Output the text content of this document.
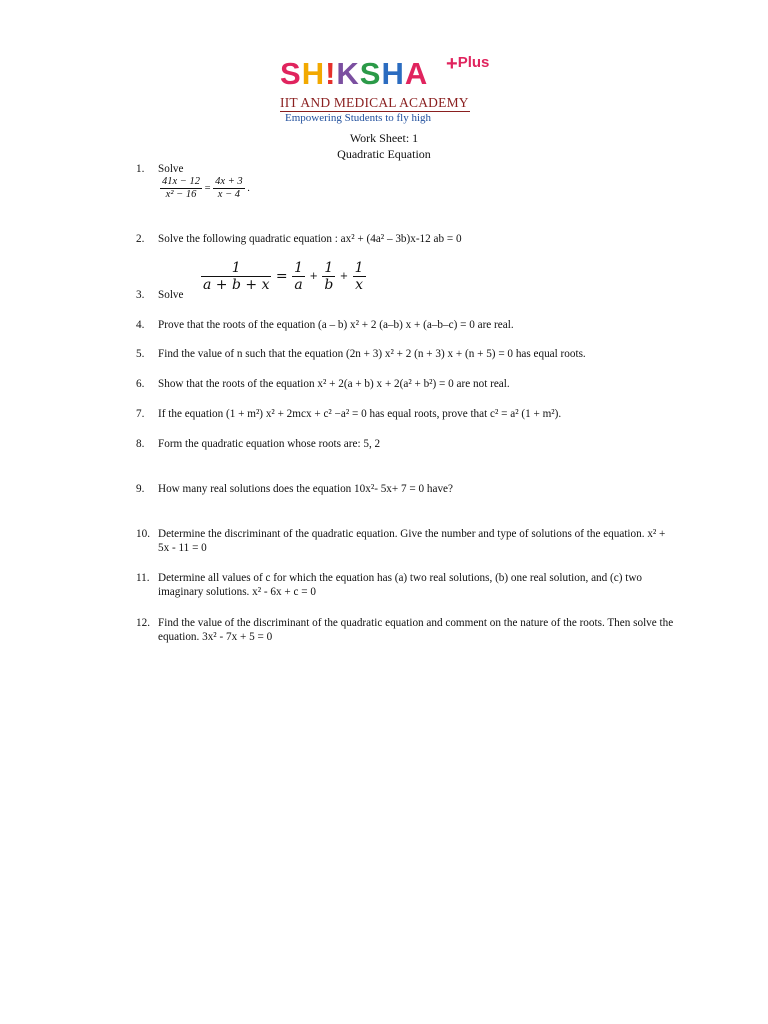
SH!KSHA +Plus
IIT AND MEDICAL ACADEMY
Empowering Students to fly high
Work Sheet: 1
Quadratic Equation
1. Solve
$\frac{41x - 12}{\text{x² − 16}} = \frac{4x + 3}{x - 4}$ .
2. Solve the following quadratic equation : ax² + (4a² – 3b)x-12 ab = 0
$\frac{1}{a + b + x} = \frac{1}{a} + \frac{1}{b} + \frac{1}{x}$
3. Solve
4. Prove that the roots of the equation (a – b) x² + 2 (a–b) x + (a–b–c) = 0 are real.
5. Find the value of n such that the equation (2n + 3) x² + 2 (n + 3) x + (n + 5) = 0 has equal roots.
6. Show that the roots of the equation x² + 2(a + b) x + 2(a² + b²) = 0 are not real.
7. If the equation (1 + m²) x² + 2mcx + c² −a² = 0 has equal roots, prove that c² = a² (1 + m²).
8. Form the quadratic equation whose roots are: 5, 2
9. How many real solutions does the equation 10x²- 5x+ 7 = 0 have?
10. Determine the discriminant of the quadratic equation. Give the number and type of solutions of the equation. x² + 5x - 11 = 0
11. Determine all values of c for which the equation has (a) two real solutions, (b) one real solution, and (c) two imaginary solutions. x² - 6x + c = 0
12. Find the value of the discriminant of the quadratic equation and comment on the nature of the roots. Then solve the equation. 3x² - 7x + 5 = 0
